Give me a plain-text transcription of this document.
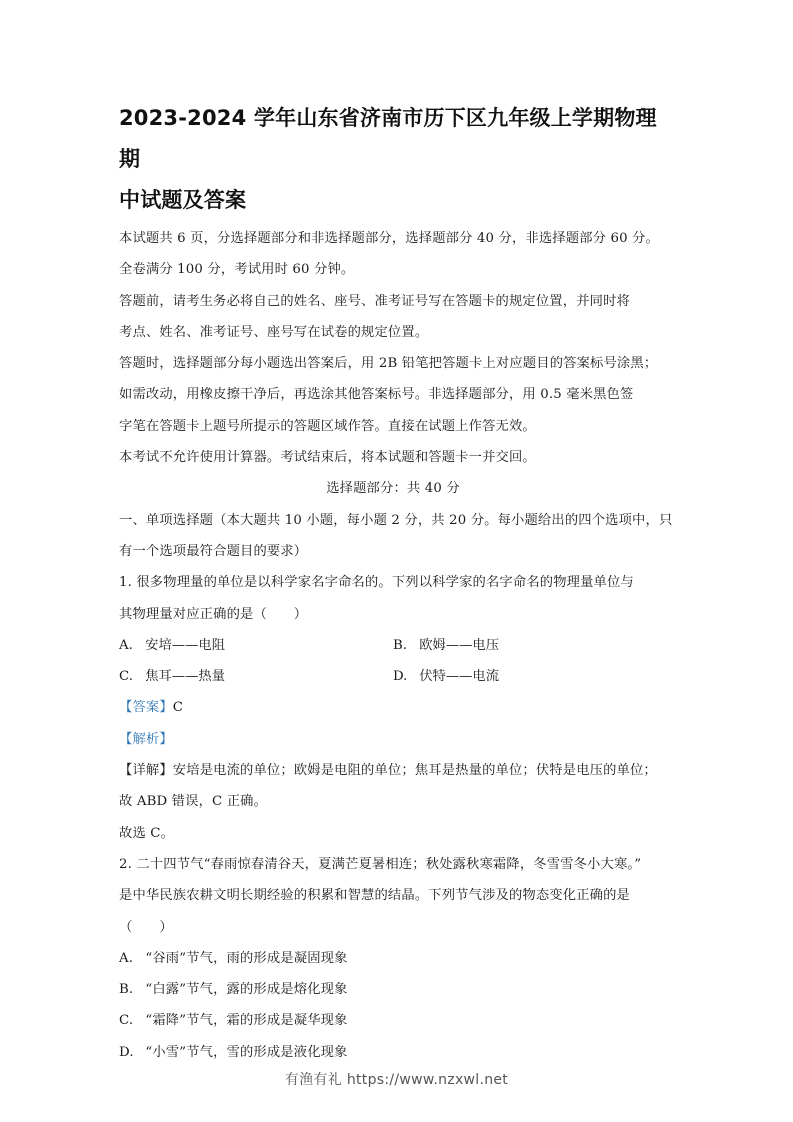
2023-2024 学年山东省济南市历下区九年级上学期物理期
中试题及答案
本试题共 6 页，分选择题部分和非选择题部分，选择题部分 40 分，非选择题部分 60 分。
全卷满分 100 分，考试用时 60 分钟。
答题前，请考生务必将自己的姓名、座号、准考证号写在答题卡的规定位置，并同时将
考点、姓名、准考证号、座号写在试卷的规定位置。
答题时，选择题部分每小题选出答案后，用 2B 铅笔把答题卡上对应题目的答案标号涂黑；
如需改动，用橡皮擦干净后，再选涂其他答案标号。非选择题部分，用 0.5 毫米黑色签
字笔在答题卡上题号所提示的答题区域作答。直接在试题上作答无效。
本考试不允许使用计算器。考试结束后，将本试题和答题卡一并交回。
选择题部分：共 40 分
一、单项选择题（本大题共 10 小题，每小题 2 分，共 20 分。每小题给出的四个选项中，只
有一个选项最符合题目的要求）
1. 很多物理量的单位是以科学家名字命名的。下列以科学家的名字命名的物理量单位与
其物理量对应正确的是（　　）
A. 安培——电阻	B. 欧姆——电压
C. 焦耳——热量	D. 伏特——电流
【答案】C
【解析】
【详解】安培是电流的单位；欧姆是电阻的单位；焦耳是热量的单位；伏特是电压的单位；
故 ABD 错误，C 正确。
故选 C。
2. 二十四节气“春雨惊春清谷天，夏满芒夏暑相连；秋处露秋寒霜降，冬雪雪冬小大寒。”
是中华民族农耕文明长期经验的积累和智慧的结晶。下列节气涉及的物态变化正确的是
（　　）
A. “谷雨”节气，雨的形成是凝固现象
B. “白露”节气，露的形成是熔化现象
C. “霜降”节气，霜的形成是凝华现象
D. “小雪”节气，雪的形成是液化现象
有渔有礼 https://www.nzxwl.net
